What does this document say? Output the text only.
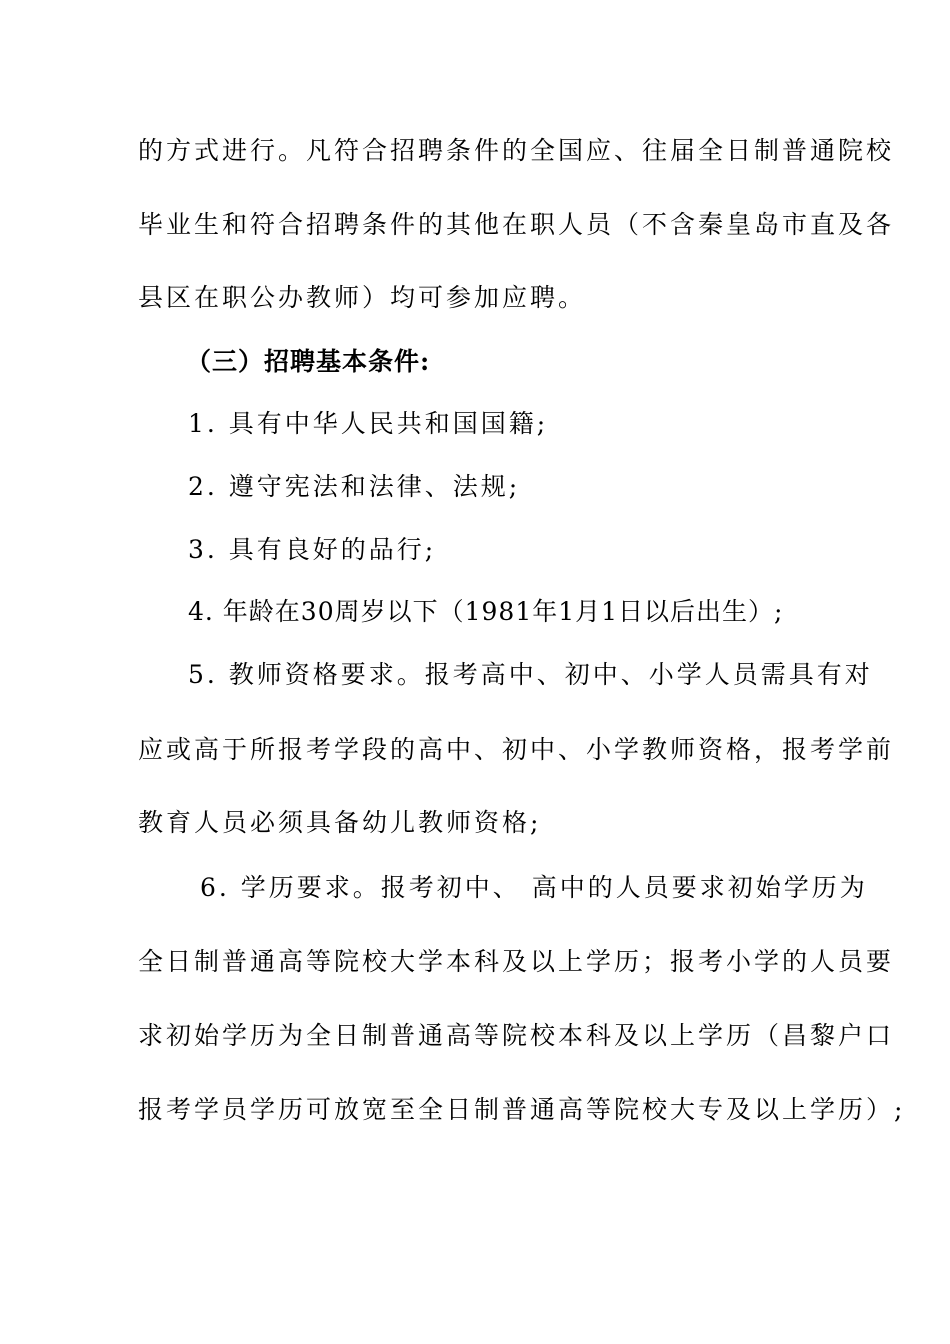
的方式进行。凡符合招聘条件的全国应、往届全日制普通院校
毕业生和符合招聘条件的其他在职人员（不含秦皇岛市直及各
县区在职公办教师）均可参加应聘。
（三）招聘基本条件:
1. 具有中华人民共和国国籍;
2. 遵守宪法和法律、法规;
3. 具有良好的品行;
4. 年龄在30周岁以下（1981年1月1日以后出生）;
5. 教师资格要求。报考高中、初中、小学人员需具有对
应或高于所报考学段的高中、初中、小学教师资格，报考学前
教育人员必须具备幼儿教师资格;
6. 学历要求。报考初中、 高中的人员要求初始学历为
全日制普通高等院校大学本科及以上学历；报考小学的人员要
求初始学历为全日制普通高等院校本科及以上学历（昌黎户口
报考学员学历可放宽至全日制普通高等院校大专及以上学历）;
